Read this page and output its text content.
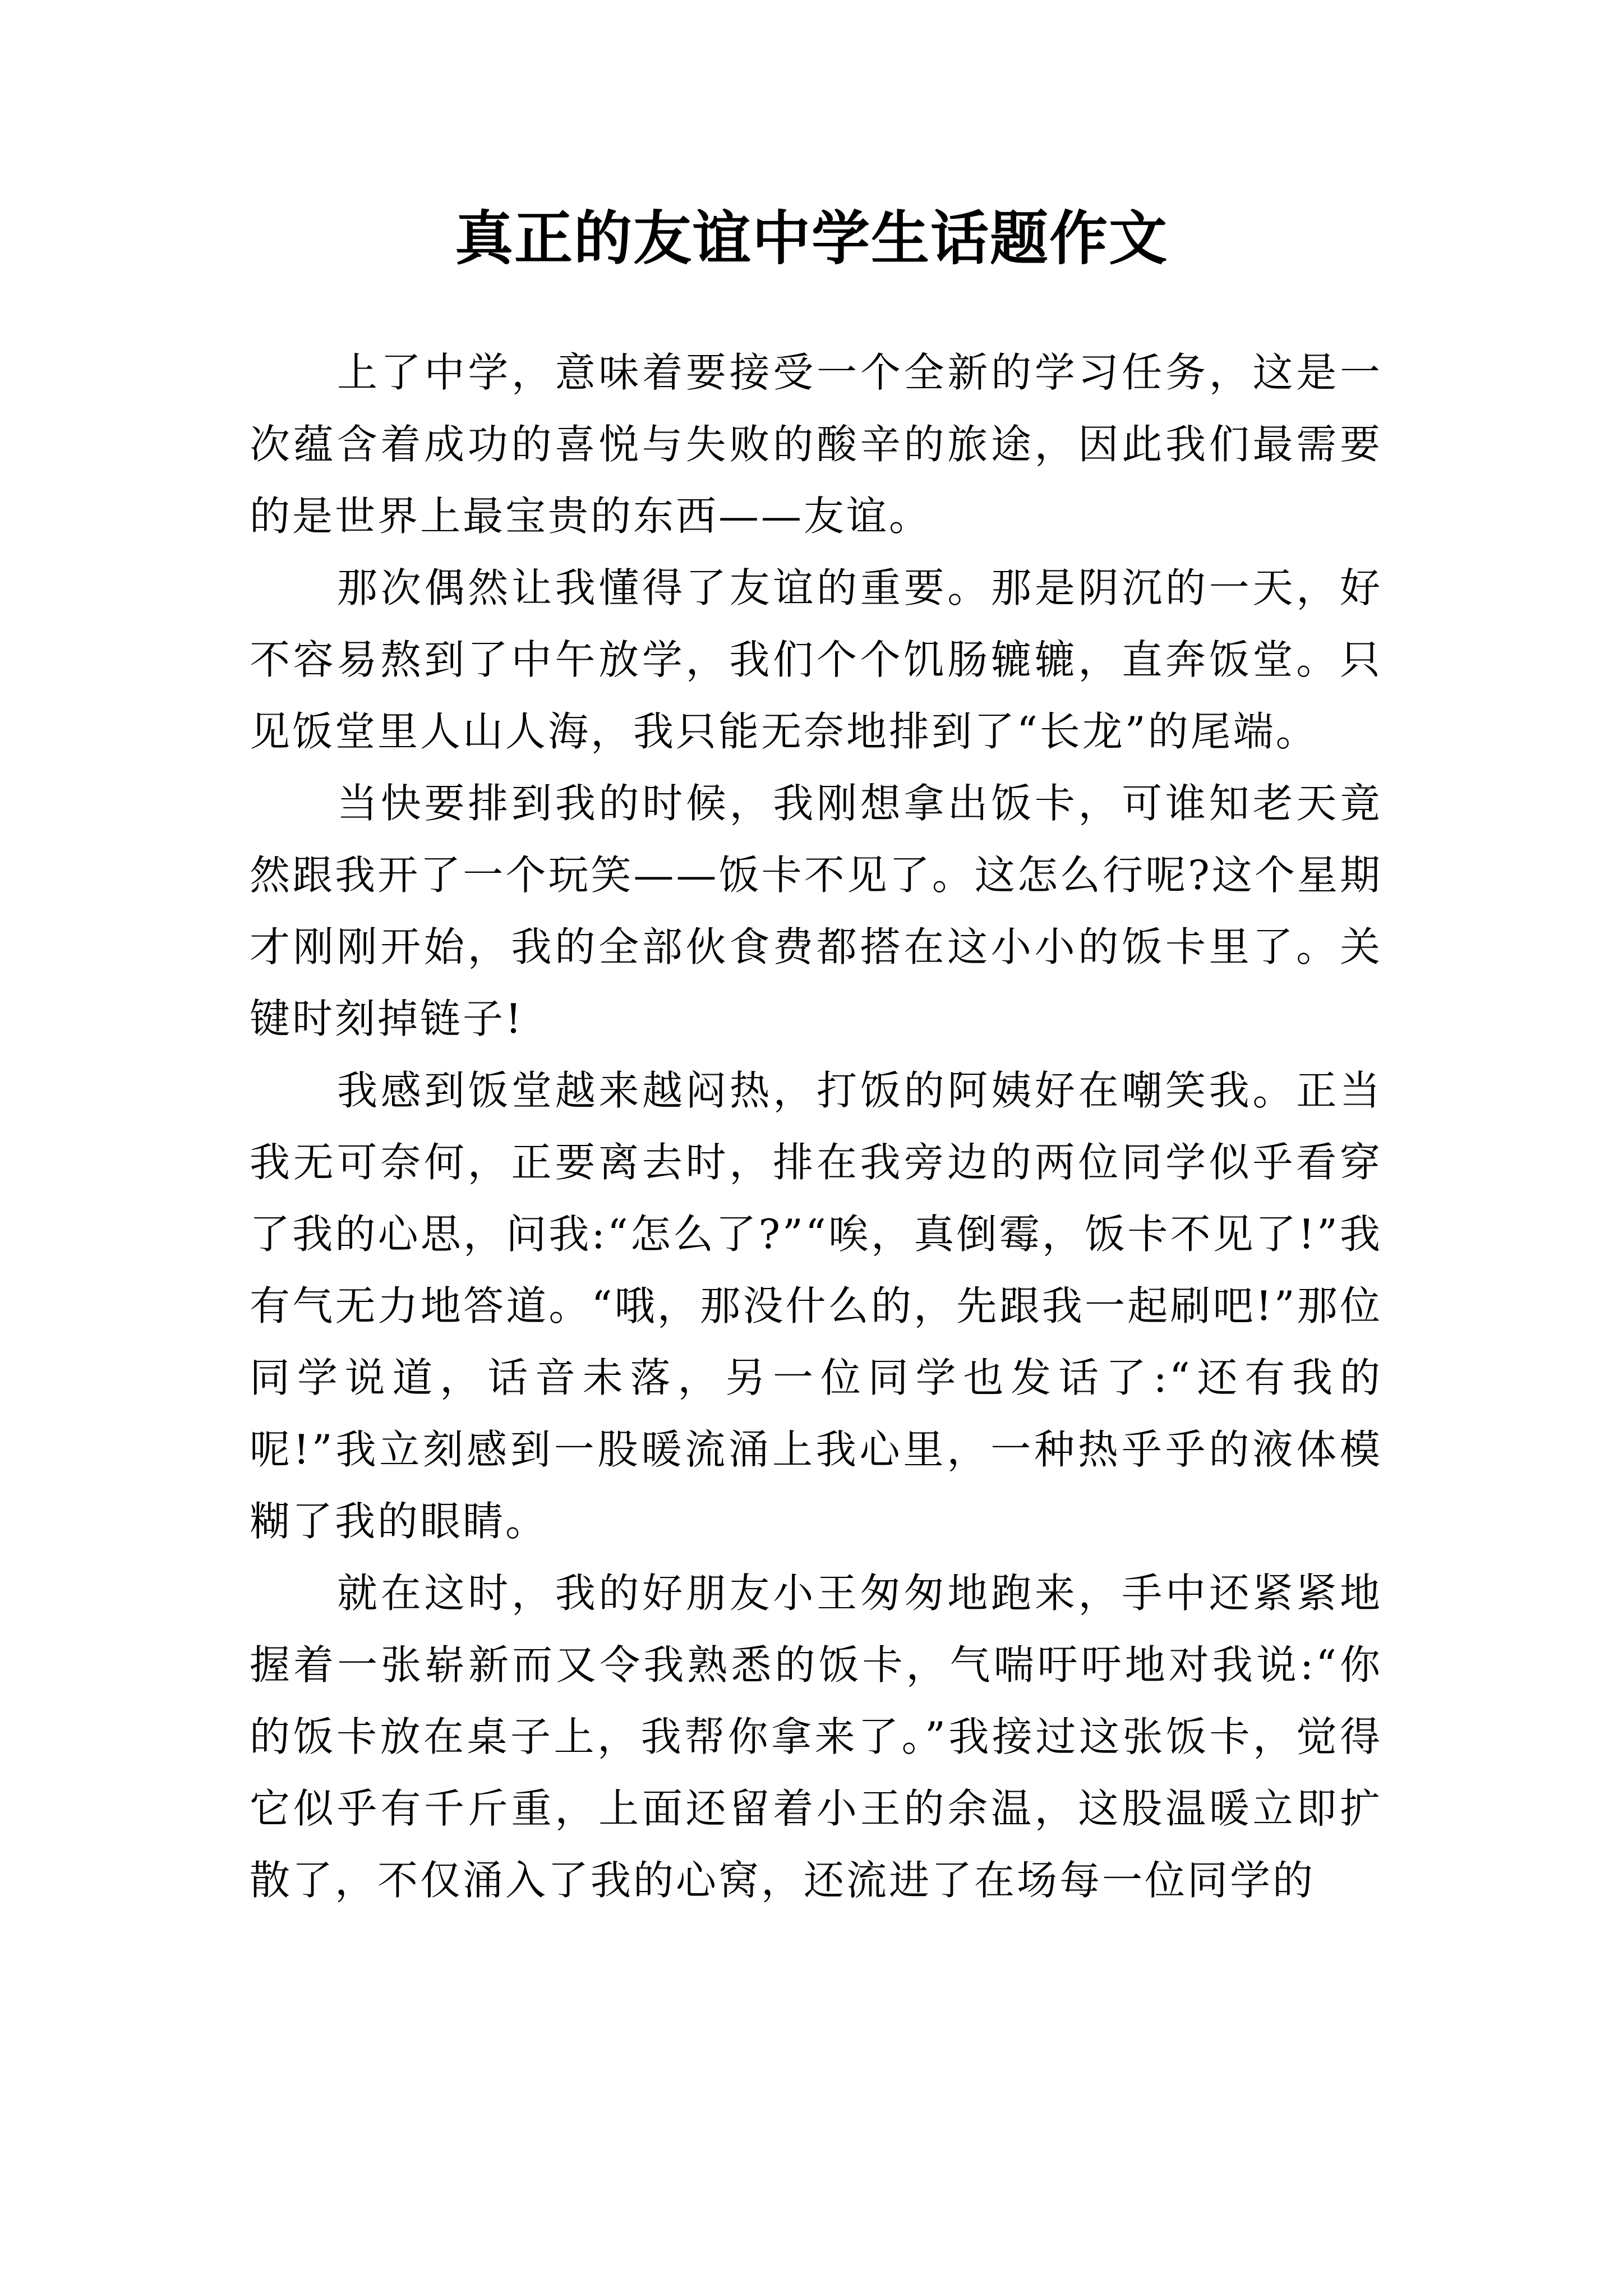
真正的友谊中学生话题作文

上了中学，意味着要接受一个全新的学习任务，这是一次蕴含着成功的喜悦与失败的酸辛的旅途，因此我们最需要的是世界上最宝贵的东西——友谊。

那次偶然让我懂得了友谊的重要。那是阴沉的一天，好不容易熬到了中午放学，我们个个饥肠辘辘，直奔饭堂。只见饭堂里人山人海，我只能无奈地排到了“长龙”的尾端。

当快要排到我的时候，我刚想拿出饭卡，可谁知老天竟然跟我开了一个玩笑——饭卡不见了。这怎么行呢?这个星期才刚刚开始，我的全部伙食费都搭在这小小的饭卡里了。关键时刻掉链子!

我感到饭堂越来越闷热，打饭的阿姨好在嘲笑我。正当我无可奈何，正要离去时，排在我旁边的两位同学似乎看穿了我的心思，问我:“怎么了?”“唉，真倒霉，饭卡不见了!”我有气无力地答道。“哦，那没什么的，先跟我一起刷吧!”那位同学说道，话音未落，另一位同学也发话了:“还有我的呢!”我立刻感到一股暖流涌上我心里，一种热乎乎的液体模糊了我的眼睛。

就在这时，我的好朋友小王匆匆地跑来，手中还紧紧地握着一张崭新而又令我熟悉的饭卡，气喘吁吁地对我说:“你的饭卡放在桌子上，我帮你拿来了。”我接过这张饭卡，觉得它似乎有千斤重，上面还留着小王的余温，这股温暖立即扩散了，不仅涌入了我的心窝，还流进了在场每一位同学的
